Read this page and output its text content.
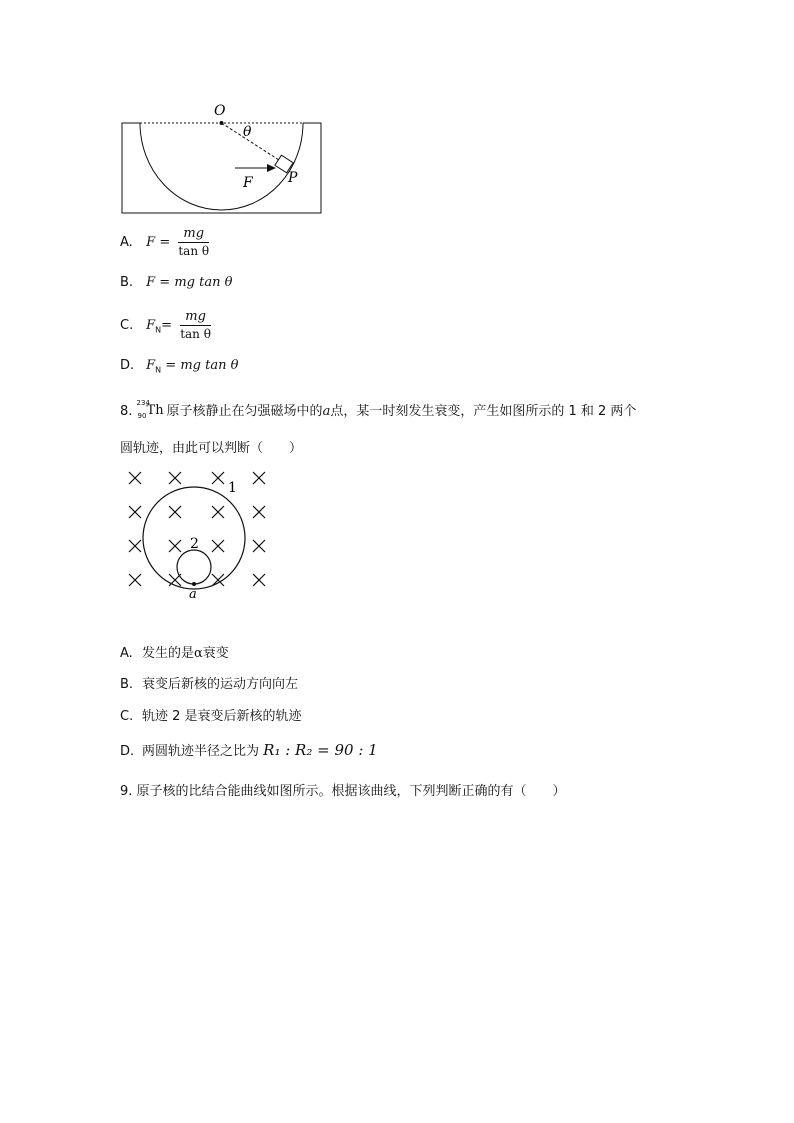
O
θ
F	P
A. $F = \frac{mg}{\text{tan θ}}$
B. F = mg tan θ
C. $F_N= \frac{mg}{\text{tan θ}}$
D. $F_N$ = mg tan θ
8.
234
90 Th 原子核静止在匀强磁场中的a点，某一时刻发生衰变，产生如图所示的 1 和 2 两个
圆轨迹，由此可以判断（　　）
1
2
a
A. 发生的是α衰变
B. 衰变后新核的运动方向向左
C. 轨迹 2 是衰变后新核的轨迹
D. 两圆轨迹半径之比为 R₁ : R₂ = 90 : 1
9. 原子核的比结合能曲线如图所示。根据该曲线，下列判断正确的有（　　）
